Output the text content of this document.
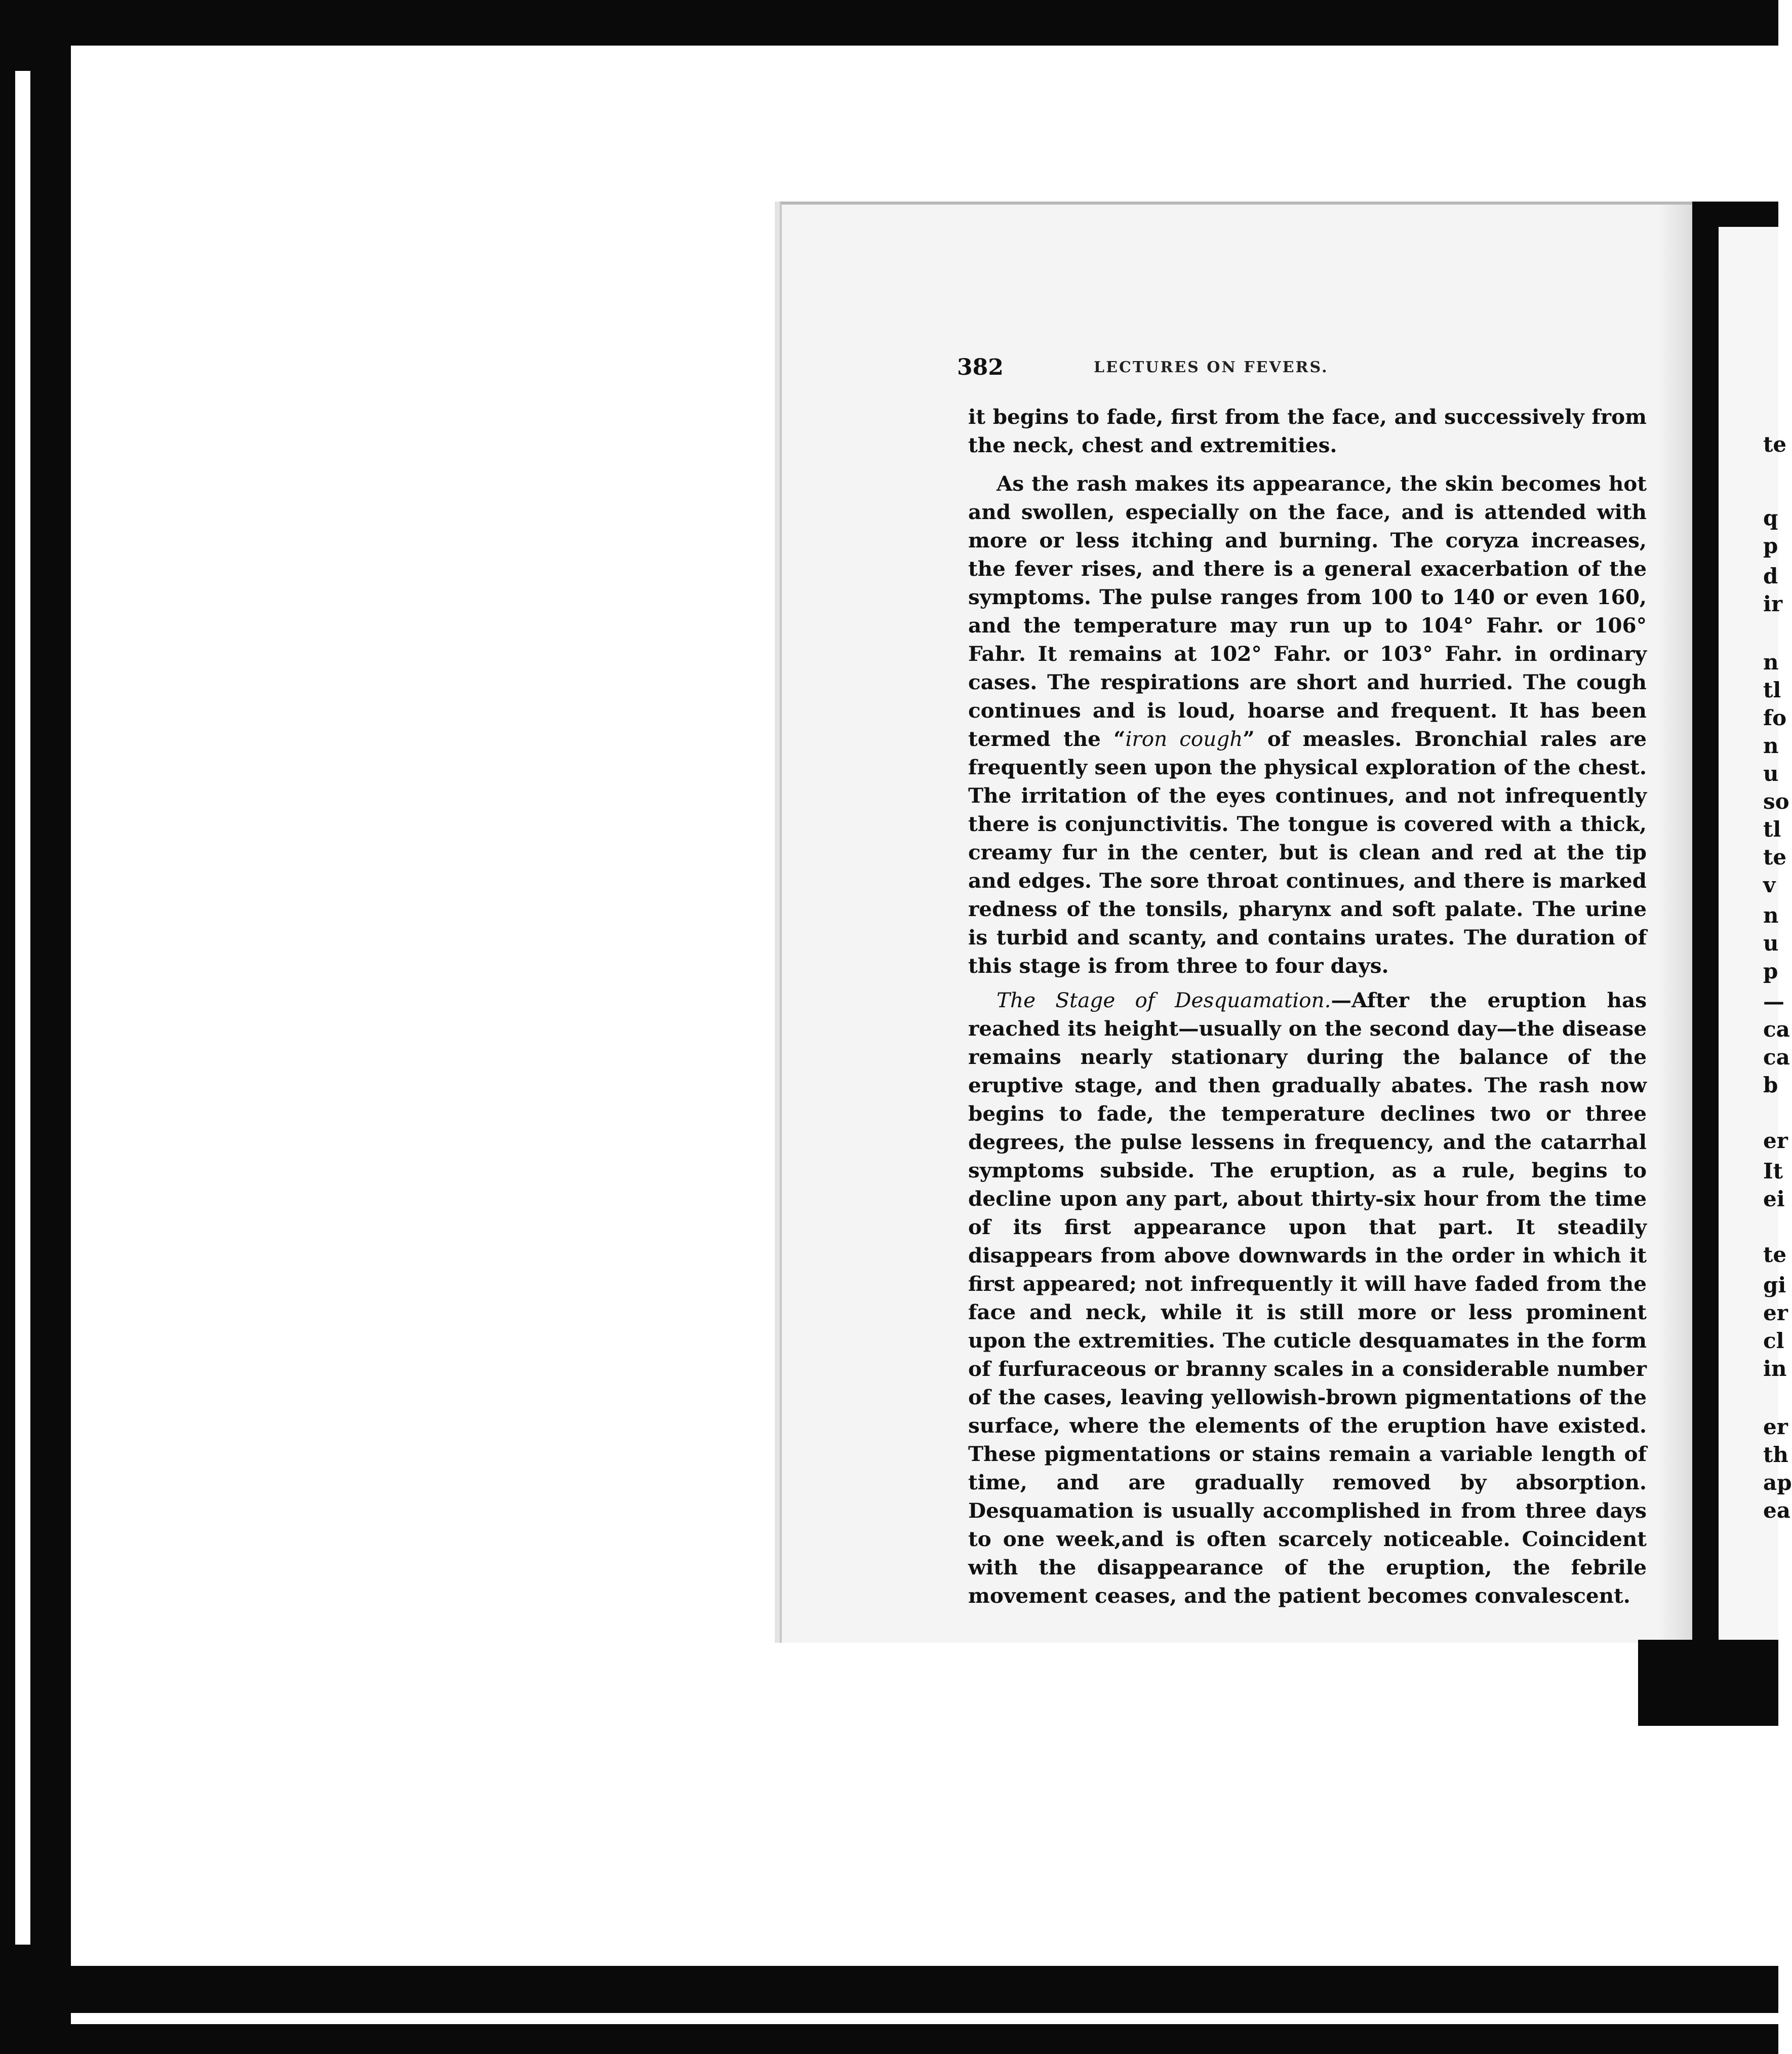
382	LECTURES ON FEVERS.

it begins to fade, first from the face, and successively from the neck, chest and extremities.

As the rash makes its appearance, the skin becomes hot and swollen, especially on the face, and is attended with more or less itching and burning. The coryza increases, the fever rises, and there is a general exacerbation of the symptoms. The pulse ranges from 100 to 140 or even 160, and the temperature may run up to 104° Fahr. or 106° Fahr. It remains at 102° Fahr. or 103° Fahr. in ordinary cases. The respirations are short and hurried. The cough continues and is loud, hoarse and frequent. It has been termed the “iron cough” of measles. Bronchial rales are frequently seen upon the physical exploration of the chest. The irritation of the eyes continues, and not infrequently there is conjunctivitis. The tongue is covered with a thick, creamy fur in the center, but is clean and red at the tip and edges. The sore throat continues, and there is marked redness of the tonsils, pharynx and soft palate. The urine is turbid and scanty, and contains urates. The duration of this stage is from three to four days.

The Stage of Desquamation.—After the eruption has reached its height—usually on the second day—the disease remains nearly stationary during the balance of the eruptive stage, and then gradually abates. The rash now begins to fade, the temperature declines two or three degrees, the pulse lessens in frequency, and the catarrhal symptoms subside. The eruption, as a rule, begins to decline upon any part, about thirty-six hour from the time of its first appearance upon that part. It steadily disappears from above downwards in the order in which it first appeared; not infrequently it will have faded from the face and neck, while it is still more or less prominent upon the extremities. The cuticle desquamates in the form of furfuraceous or branny scales in a considerable number of the cases, leaving yellowish-brown pigmentations of the surface, where the elements of the eruption have existed. These pigmentations or stains remain a variable length of time, and are gradually removed by absorption. Desquamation is usually accomplished in from three days to one week,and is often scarcely noticeable. Coincident with the disappearance of the eruption, the febrile movement ceases, and the patient becomes convalescent.

te
q
p
d
ir
n
tl
fo
n
u
so
tl
te
v
n
u
p
—
ca
ca
b
er
It
ei
te
gi
er
cl
in
er
th
ap
ea
